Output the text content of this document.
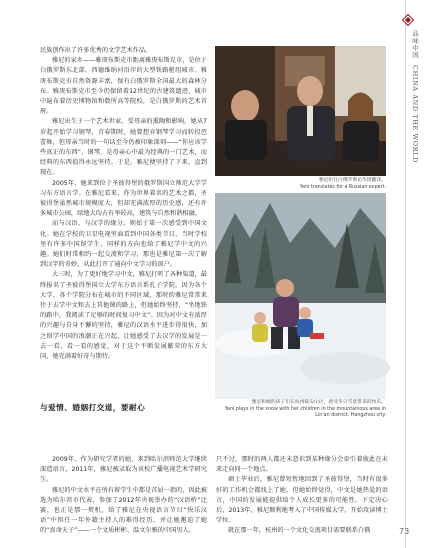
品味中国 CHINA AND THE WORLD

民族创作出了许多优秀的文学艺术作品。

雅尼的家乡——雅庚布斯克市距离雅庚布斯克市，是位于白俄罗斯东北部、西德维纳河沿岸的大型铁路枢纽城市。雅庚布斯克市自然资源丰富，保有白俄罗斯全国最大的森林分布。雅庚布斯克市至今仍保留着12世纪的古建筑遗迹，城市中遍布着历史博物馆和数所高等院校，是白俄罗斯的艺术首府。

雅尼出生于一个艺术世家，受母亲的熏陶和影响，她从7岁起开始学习钢琴，青春期时，她曾想弃钢琴学习而转投芭蕾舞，但母亲当时的一句话至今仍被印象深刻——“你应该学些真正的东西”。钢琴，是母亲心中最为经典的一门艺术，而经典的东西值得永远坚持。于是，雅尼便坚持了下来，直到现在。

2005年，她来到位于圣彼得堡的俄罗斯国立师范大学学习东方语言学。在雅尼看来，作为世界着名的艺术之都，圣彼得堡虽然城市规模庞大，但却充满浓厚的历史感，还有许多城市公园，绿地大均占有率较高，建筑与自然和谐相融。

而与汉语、与汉学的缘分，则始于第一次感受到中国文化。她在学校的卫星电视里面看到中国各类节目，当时学校里有许多中国留学生，同样的方向也给了雅尼学中文的兴趣。她们时常相约一起交流和学习，那也是雅尼第一次了解到汉字的奇妙，从此打开了通向中文学习的窗户。

大三时，为了更好地学习中文，雅尼打听了各种渠道，最终报名了圣彼得堡国立大学东方语言系孔子学院。因为各个大学、各个学院分布在城市的不同区域，那时的雅尼常常来往于去学中文和去上其他课的路上，但她始终坚持，“坐地铁的路中，我阅读了足够的时间复习中文”。因为对中文有浓厚的兴趣与自身不懈的坚持，雅尼的汉语水平进步得很快，加之留学中国的浪潮正在兴起，让她感受了去汉学的发展是一去一看、看一看的感觉，对于这个不断发展繁荣的东方大国，她充满着好奇与期待。

雅尼担任白俄罗斯访华团翻译。
Yani translates for a Russian expert.
雅尼和她的孩子们在杭州临安山区，感受冬日雪景带来的快乐。
Yani plays in the snow with her children in the mountainous area in Lin'an district, Hangzhou city.
与爱情、婚姻打交道，要耐心

2009年，作为研究学者的她，来到哈尔滨师范大学继续深造语言，2011年，雅尼被录取为该校广播电视艺术学研究生。

雅尼的中文水平在所有留学生中都是首屈一指的，因此被选为哈尔滨市代表，参加了2012年央视举办的“汉语桥”比赛，也正是那一契机，给了雅尼在央视语言节目“快乐汉语”中担任一年外籍主持人的难得经历，并让她邂逅了她的“真命天子”——一个文质彬彬、温文尔雅的中国男人。

只不过，那时的两人都还未意识到某种缘分会牵引着彼此在未来走向同一个地点。

硕士毕业后，雅尼曾短暂地回到了圣彼得堡，当时有很多好的工作机会都找上了她，但她始终觉得，中文是她热爱的语言，中国的发展能提供给个人成长更多的可能性。下定决心后，2013年，雅尼顺利地考入了中国传媒大学，开始攻读博士学位。

就在那一年，杭州的一个文化交流项目需要联系白俄	73
